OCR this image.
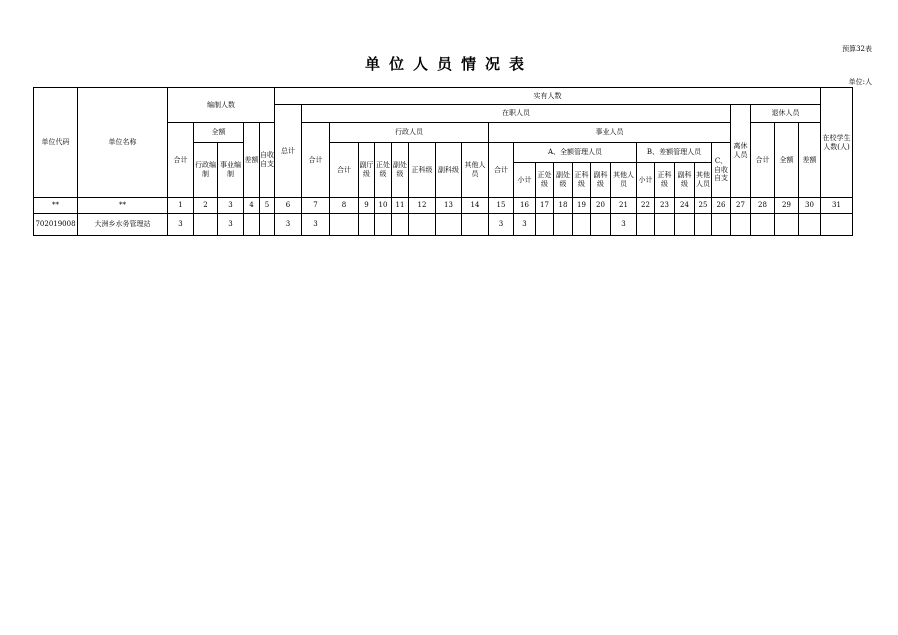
预算32表
单位人员情况表
单位:人
单位代码	单位名称	编制人数					实有人数																									在校学生人数(人)
							总计	在职人员																				离休人员	退休人员			
		合计	全额		差额	自收自支		合计	行政人员							事业人员													合计	全额	差额	
			行政编制	事业编制					合计	副厅级	正处级	副处级	正科级	副科级	其他人员	合计	A、全额管理人员						B、差额管理人员				C、自收自支					
																	小计	正处级	副处级	正科级	副科级	其他人员	小计	正科级	副科级	其他人员						
**	**	1	2	3	4	5	6	7	8	9	10	11	12	13	14	15	16	17	18	19	20	21	22	23	24	25	26	27	28	29	30	31
702019008	大洲乡水务管理站	3		3			3	3								3	3					3										
